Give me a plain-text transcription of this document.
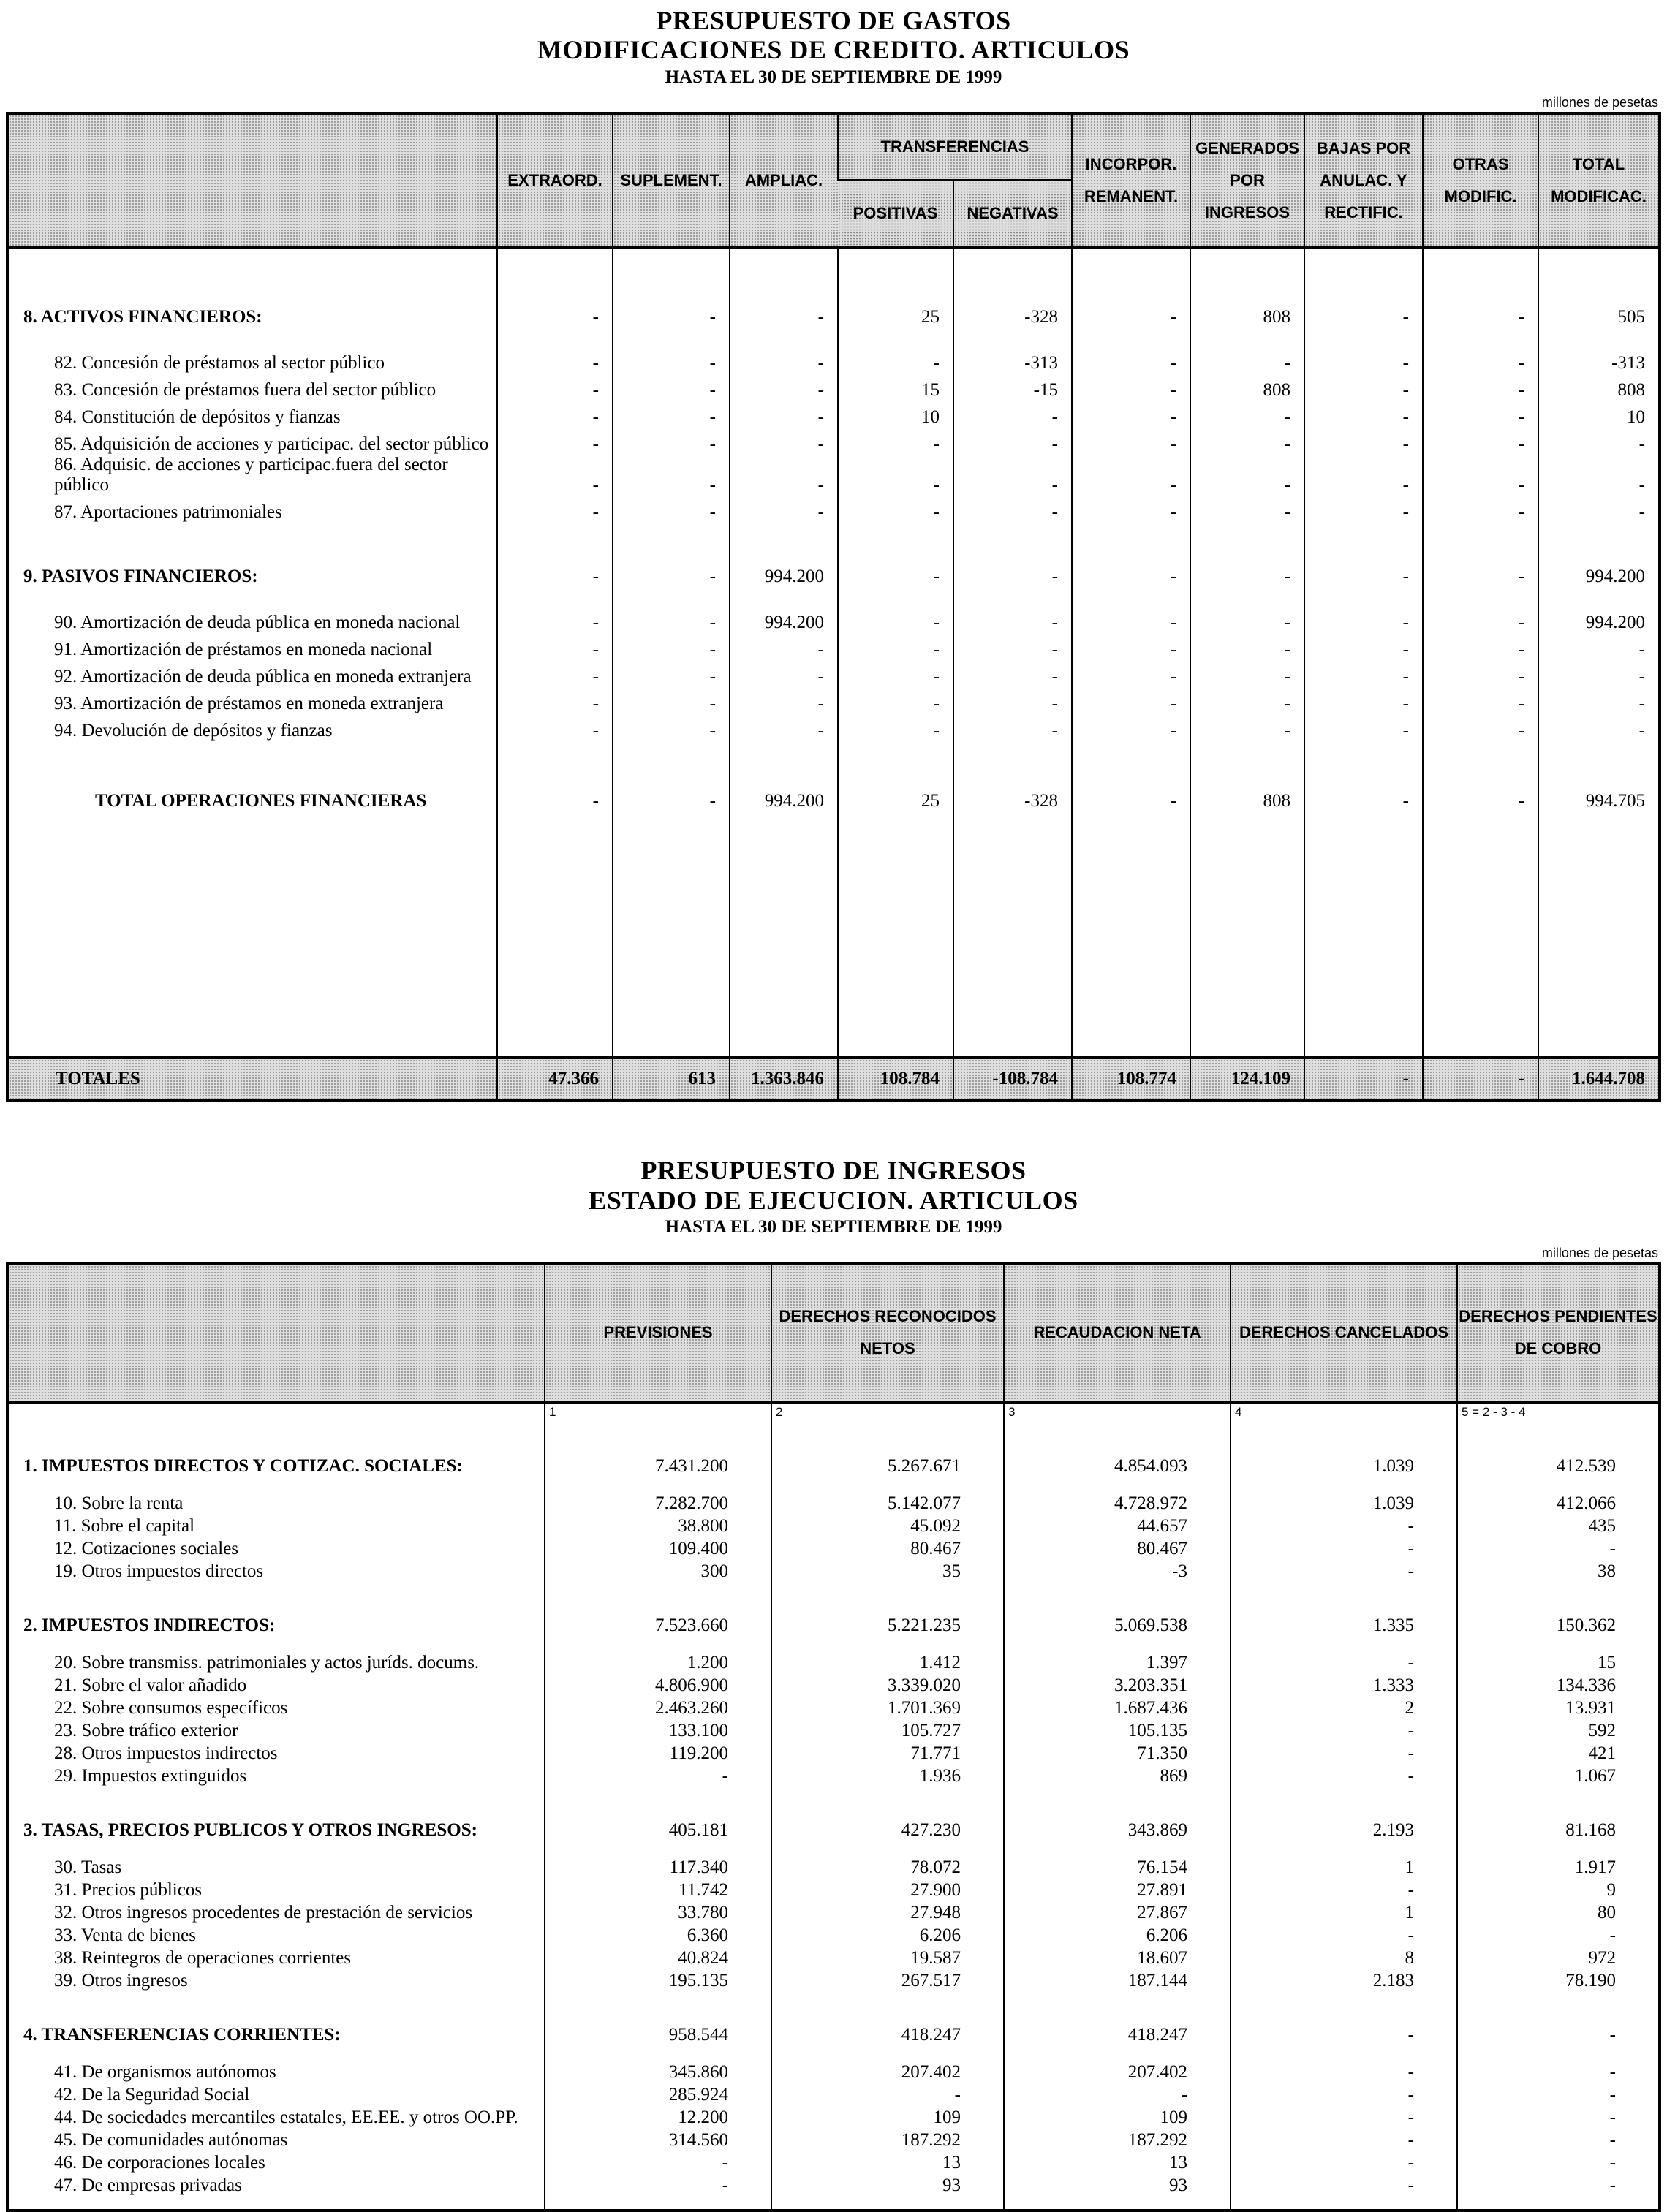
PRESUPUESTO DE GASTOS
MODIFICACIONES DE CREDITO. ARTICULOS
HASTA EL 30 DE SEPTIEMBRE DE 1999
millones de pesetas
	EXTRAORD.	SUPLEMENT.	AMPLIAC.	TRANSFERENCIAS		INCORPOR. REMANENT.	GENERADOS POR INGRESOS	BAJAS POR ANULAC. Y RECTIFIC.	OTRAS MODIFIC.	TOTAL MODIFICAC.
				POSITIVAS	NEGATIVAS					
8. ACTIVOS FINANCIEROS:	-	-	-	25	-328	-	808	-	-	505
82. Concesión de préstamos al sector público	-	-	-	-	-313	-	-	-	-	-313
83. Concesión de préstamos fuera del sector público	-	-	-	15	-15	-	808	-	-	808
84. Constitución de depósitos y fianzas	-	-	-	10	-	-	-	-	-	10
85. Adquisición de acciones y participac. del sector público	-	-	-	-	-	-	-	-	-	-
86. Adquisic. de acciones y participac.fuera del sector público	-	-	-	-	-	-	-	-	-	-
87. Aportaciones patrimoniales	-	-	-	-	-	-	-	-	-	-
9. PASIVOS FINANCIEROS:	-	-	994.200	-	-	-	-	-	-	994.200
90. Amortización de deuda pública en moneda nacional	-	-	994.200	-	-	-	-	-	-	994.200
91. Amortización de préstamos en moneda nacional	-	-	-	-	-	-	-	-	-	-
92. Amortización de deuda pública en moneda extranjera	-	-	-	-	-	-	-	-	-	-
93. Amortización de préstamos en moneda extranjera	-	-	-	-	-	-	-	-	-	-
94. Devolución de depósitos y fianzas	-	-	-	-	-	-	-	-	-	-
TOTAL OPERACIONES FINANCIERAS	-	-	994.200	25	-328	-	808	-	-	994.705

TOTALES	47.366	613	1.363.846	108.784	-108.784	108.774	124.109	-	-	1.644.708
PRESUPUESTO DE INGRESOS
ESTADO DE EJECUCION. ARTICULOS
HASTA EL 30 DE SEPTIEMBRE DE 1999
millones de pesetas
	PREVISIONES	DERECHOS RECONOCIDOS NETOS	RECAUDACION NETA	DERECHOS CANCELADOS	DERECHOS PENDIENTES DE COBRO
	1	2	3	4	5 = 2 - 3 - 4
1. IMPUESTOS DIRECTOS Y COTIZAC. SOCIALES:	7.431.200	5.267.671	4.854.093	1.039	412.539
10. Sobre la renta	7.282.700	5.142.077	4.728.972	1.039	412.066
11. Sobre el capital	38.800	45.092	44.657	-	435
12. Cotizaciones sociales	109.400	80.467	80.467	-	-
19. Otros impuestos directos	300	35	-3	-	38
2. IMPUESTOS INDIRECTOS:	7.523.660	5.221.235	5.069.538	1.335	150.362
20. Sobre transmiss. patrimoniales y actos juríds. docums.	1.200	1.412	1.397	-	15
21. Sobre el valor añadido	4.806.900	3.339.020	3.203.351	1.333	134.336
22. Sobre consumos específicos	2.463.260	1.701.369	1.687.436	2	13.931
23. Sobre tráfico exterior	133.100	105.727	105.135	-	592
28. Otros impuestos indirectos	119.200	71.771	71.350	-	421
29. Impuestos extinguidos	-	1.936	869	-	1.067
3. TASAS, PRECIOS PUBLICOS Y OTROS INGRESOS:	405.181	427.230	343.869	2.193	81.168
30. Tasas	117.340	78.072	76.154	1	1.917
31. Precios públicos	11.742	27.900	27.891	-	9
32. Otros ingresos procedentes de prestación de servicios	33.780	27.948	27.867	1	80
33. Venta de bienes	6.360	6.206	6.206	-	-
38. Reintegros de operaciones corrientes	40.824	19.587	18.607	8	972
39. Otros ingresos	195.135	267.517	187.144	2.183	78.190
4. TRANSFERENCIAS CORRIENTES:	958.544	418.247	418.247	-	-
41. De organismos autónomos	345.860	207.402	207.402	-	-
42. De la Seguridad Social	285.924	-	-	-	-
44. De sociedades mercantiles estatales, EE.EE. y otros OO.PP.	12.200	109	109	-	-
45. De comunidades autónomas	314.560	187.292	187.292	-	-
46. De corporaciones locales	-	13	13	-	-
47. De empresas privadas	-	93	93	-	-
